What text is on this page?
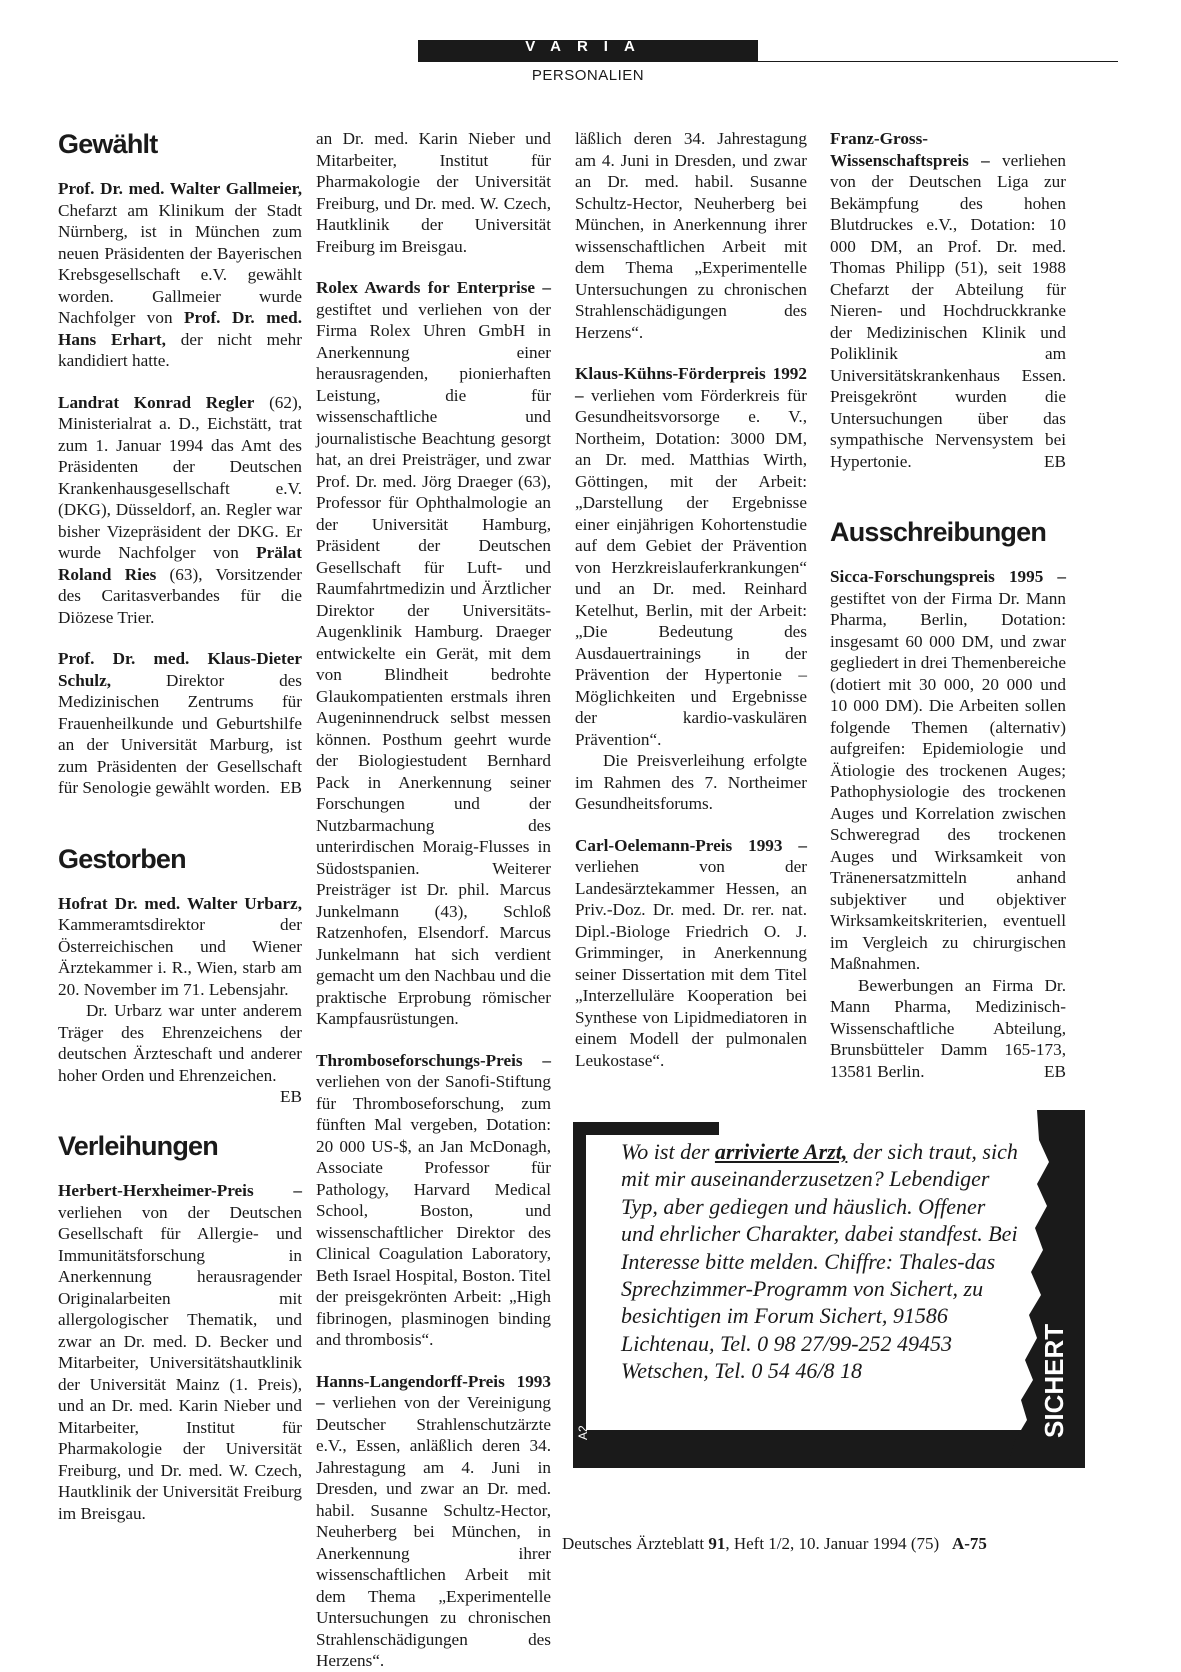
VARIA
PERSONALIEN
Gewählt

Prof. Dr. med. Walter Gallmeier, Chefarzt am Klinikum der Stadt Nürnberg, ist in München zum neuen Präsidenten der Bayerischen Krebsgesellschaft e.V. gewählt worden. Gallmeier wurde Nachfolger von Prof. Dr. med. Hans Erhart, der nicht mehr kandidiert hatte.

Landrat Konrad Regler (62), Ministerialrat a. D., Eichstätt, trat zum 1. Januar 1994 das Amt des Präsidenten der Deutschen Krankenhausgesellschaft e.V. (DKG), Düsseldorf, an. Regler war bisher Vizepräsident der DKG. Er wurde Nachfolger von Prälat Roland Ries (63), Vorsitzender des Caritasverbandes für die Diözese Trier.

Prof. Dr. med. Klaus-Dieter Schulz, Direktor des Medizinischen Zentrums für Frauenheilkunde und Geburtshilfe an der Universität Marburg, ist zum Präsidenten der Gesellschaft für Senologie gewählt worden. EB

Gestorben

Hofrat Dr. med. Walter Urbarz, Kammeramtsdirektor der Österreichischen und Wiener Ärztekammer i. R., Wien, starb am 20. November im 71. Lebensjahr.

Dr. Urbarz war unter anderem Träger des Ehrenzeichens der deutschen Ärzteschaft und anderer hoher Orden und Ehrenzeichen.
EB

Verleihungen

Herbert-Herxheimer-Preis – verliehen von der Deutschen Gesellschaft für Allergie- und Immunitätsforschung in Anerkennung herausragender Originalarbeiten mit allergologischer Thematik, und zwar an Dr. med. D. Becker und Mitarbeiter, Universitätshautklinik der Universität Mainz (1. Preis), und an Dr. med. Karin Nieber und Mitarbeiter, Institut für Pharmakologie der Universität Freiburg, und Dr. med. W. Czech, Hautklinik der Universität Freiburg im Breisgau.

an Dr. med. Karin Nieber und Mitarbeiter, Institut für Pharmakologie der Universität Freiburg, und Dr. med. W. Czech, Hautklinik der Universität Freiburg im Breisgau.

Rolex Awards for Enterprise – gestiftet und verliehen von der Firma Rolex Uhren GmbH in Anerkennung einer herausragenden, pionierhaften Leistung, die für wissenschaftliche und journalistische Beachtung gesorgt hat, an drei Preisträger, und zwar Prof. Dr. med. Jörg Draeger (63), Professor für Ophthalmologie an der Universität Hamburg, Präsident der Deutschen Gesellschaft für Luft- und Raumfahrtmedizin und Ärztlicher Direktor der Universitäts-Augenklinik Hamburg. Draeger entwickelte ein Gerät, mit dem von Blindheit bedrohte Glaukompatienten erstmals ihren Augeninnendruck selbst messen können. Posthum geehrt wurde der Biologiestudent Bernhard Pack in Anerkennung seiner Forschungen und der Nutzbarmachung des unterirdischen Moraig-Flusses in Südostspanien. Weiterer Preisträger ist Dr. phil. Marcus Junkelmann (43), Schloß Ratzenhofen, Elsendorf. Marcus Junkelmann hat sich verdient gemacht um den Nachbau und die praktische Erprobung römischer Kampfausrüstungen.

Thromboseforschungs-Preis – verliehen von der Sanofi-Stiftung für Thromboseforschung, zum fünften Mal vergeben, Dotation: 20 000 US-$, an Jan McDonagh, Associate Professor für Pathology, Harvard Medical School, Boston, und wissenschaftlicher Direktor des Clinical Coagulation Laboratory, Beth Israel Hospital, Boston. Titel der preisgekrönten Arbeit: „High fibrinogen, plasminogen binding and thrombosis“.

Hanns-Langendorff-Preis 1993 – verliehen von der Vereinigung Deutscher Strahlenschutzärzte e.V., Essen, anläßlich deren 34. Jahrestagung am 4. Juni in Dresden, und zwar an Dr. med. habil. Susanne Schultz-Hector, Neuherberg bei München, in Anerkennung ihrer wissenschaftlichen Arbeit mit dem Thema „Experimentelle Untersuchungen zu chronischen Strahlenschädigungen des Herzens“.

läßlich deren 34. Jahrestagung am 4. Juni in Dresden, und zwar an Dr. med. habil. Susanne Schultz-Hector, Neuherberg bei München, in Anerkennung ihrer wissenschaftlichen Arbeit mit dem Thema „Experimentelle Untersuchungen zu chronischen Strahlenschädigungen des Herzens“.

Klaus-Kühns-Förderpreis 1992 – verliehen vom Förderkreis für Gesundheitsvorsorge e. V., Northeim, Dotation: 3000 DM, an Dr. med. Matthias Wirth, Göttingen, mit der Arbeit: „Darstellung der Ergebnisse einer einjährigen Kohortenstudie auf dem Gebiet der Prävention von Herzkreislauferkrankungen“ und an Dr. med. Reinhard Ketelhut, Berlin, mit der Arbeit: „Die Bedeutung des Ausdauertrainings in der Prävention der Hypertonie – Möglichkeiten und Ergebnisse der kardio-vaskulären Prävention“.

Die Preisverleihung erfolgte im Rahmen des 7. Northeimer Gesundheitsforums.

Carl-Oelemann-Preis 1993 – verliehen von der Landesärztekammer Hessen, an Priv.-Doz. Dr. med. Dr. rer. nat. Dipl.-Biologe Friedrich O. J. Grimminger, in Anerkennung seiner Dissertation mit dem Titel „Interzelluläre Kooperation bei Synthese von Lipidmediatoren in einem Modell der pulmonalen Leukostase“.

Franz-Gross-Wissenschaftspreis – verliehen von der Deutschen Liga zur Bekämpfung des hohen Blutdruckes e.V., Dotation: 10 000 DM, an Prof. Dr. med. Thomas Philipp (51), seit 1988 Chefarzt der Abteilung für Nieren- und Hochdruckkranke der Medizinischen Klinik und Poliklinik am Universitätskrankenhaus Essen. Preisgekrönt wurden die Untersuchungen über das sympathische Nervensystem bei Hypertonie.	EB

Ausschreibungen

Sicca-Forschungspreis 1995 – gestiftet von der Firma Dr. Mann Pharma, Berlin, Dotation: insgesamt 60 000 DM, und zwar gegliedert in drei Themenbereiche (dotiert mit 30 000, 20 000 und 10 000 DM). Die Arbeiten sollen folgende Themen (alternativ) aufgreifen: Epidemiologie und Ätiologie des trockenen Auges; Pathophysiologie des trockenen Auges und Korrelation zwischen Schweregrad des trockenen Auges und Wirksamkeit von Tränenersatzmitteln anhand subjektiver und objektiver Wirksamkeitskriterien, eventuell im Vergleich zu chirurgischen Maßnahmen.

Bewerbungen an Firma Dr. Mann Pharma, Medizinisch-Wissenschaftliche Abteilung, Brunsbütteler Damm 165-173, 13581 Berlin.	EB

Wo ist der arrivierte Arzt, der sich traut, sich mit mir auseinanderzusetzen? Lebendiger Typ, aber gediegen und häuslich. Offener und ehrlicher Charakter, dabei standfest. Bei Interesse bitte melden. Chiffre: Thales-das Sprechzimmer-Programm von Sichert, zu besichtigen im Forum Sichert, 91586 Lichtenau, Tel. 0 98 27/99-252 49453 Wetschen, Tel. 0 54 46/8 18	SICHERT
A2
Deutsches Ärzteblatt 91, Heft 1/2, 10. Januar 1994 (75) A-75
